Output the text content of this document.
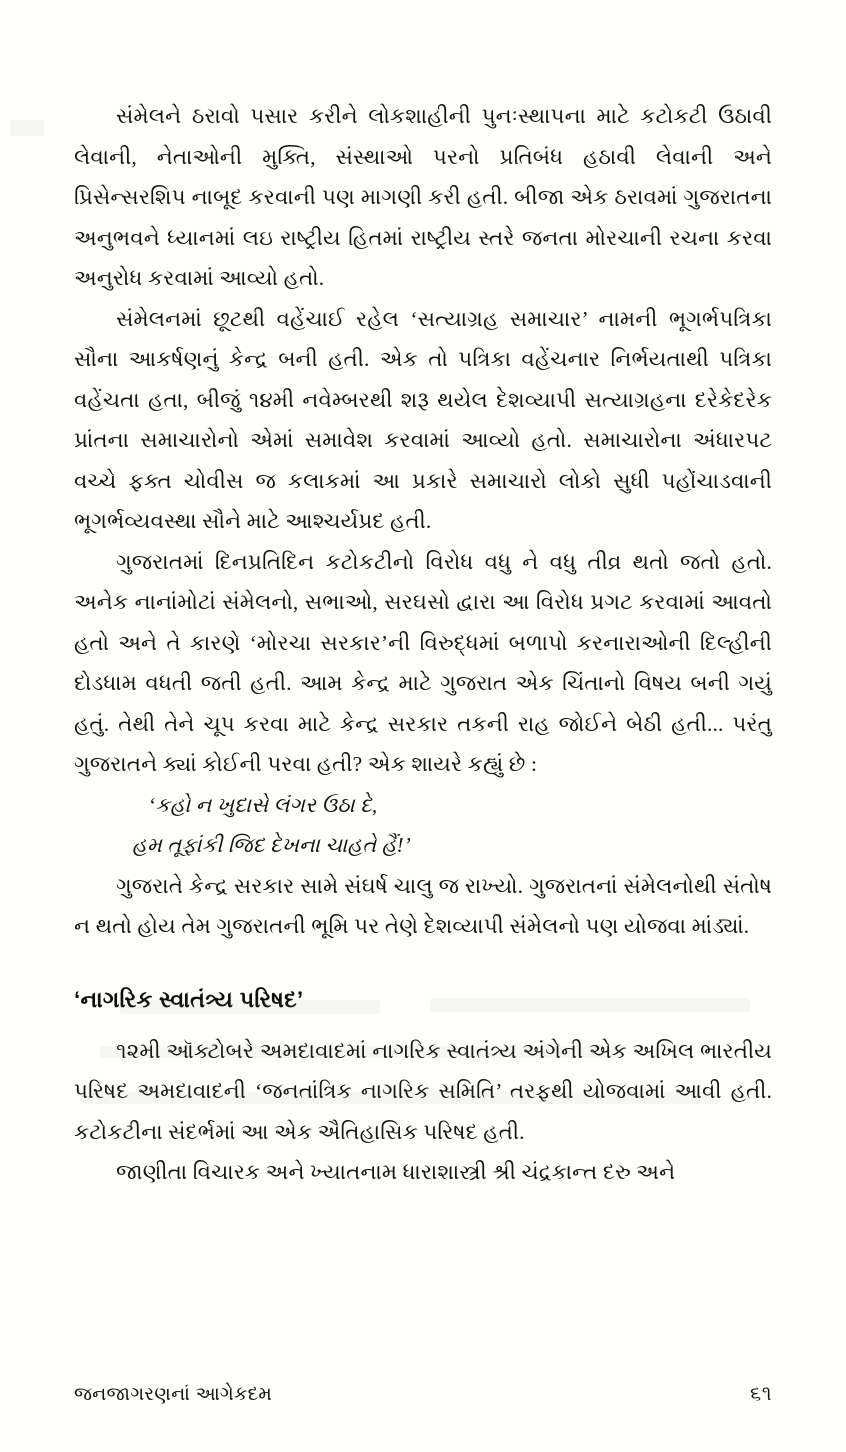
સંમેલને ઠરાવો પસાર કરીને લોકશાહીની પુનઃસ્થાપના માટે કટોકટી ઉઠાવી લેવાની, નેતાઓની મુક્તિ, સંસ્થાઓ પરનો પ્રતિબંધ હઠાવી લેવાની અને પ્રિસેન્સરશિપ નાબૂદ કરવાની પણ માગણી કરી હતી. બીજા એક ઠરાવમાં ગુજરાતના અનુભવને ધ્યાનમાં લઇ રાષ્ટ્રીય હિતમાં રાષ્ટ્રીય સ્તરે જનતા મોરચાની રચના કરવા અનુરોધ કરવામાં આવ્યો હતો.

સંમેલનમાં છૂટથી વહેંચાઈ રહેલ ‘સત્યાગ્રહ સમાચાર’ નામની ભૂગર્ભપત્રિકા સૌના આકર્ષણનું કેન્દ્ર બની હતી. એક તો પત્રિકા વહેંચનાર નિર્ભયતાથી પત્રિકા વહેંચતા હતા, બીજું ૧૪મી નવેમ્બરથી શરૂ થયેલ દેશવ્યાપી સત્યાગ્રહના દરેકેદરેક પ્રાંતના સમાચારોનો એમાં સમાવેશ કરવામાં આવ્યો હતો. સમાચારોના અંધારપટ વચ્ચે ફક્ત ચોવીસ જ કલાકમાં આ પ્રકારે સમાચારો લોકો સુધી પહોંચાડવાની ભૂગર્ભવ્યવસ્થા સૌને માટે આશ્ચર્યપ્રદ હતી.

ગુજરાતમાં દિનપ્રતિદિન કટોકટીનો વિરોધ વધુ ને વધુ તીવ્ર થતો જતો હતો. અનેક નાનાંમોટાં સંમેલનો, સભાઓ, સરઘસો દ્વારા આ વિરોધ પ્રગટ કરવામાં આવતો હતો અને તે કારણે ‘મોરચા સરકાર’ની વિરુદ્ધમાં બળાપો કરનારાઓની દિલ્હીની દોડધામ વધતી જતી હતી. આમ કેન્દ્ર માટે ગુજરાત એક ચિંતાનો વિષય બની ગયું હતું. તેથી તેને ચૂપ કરવા માટે કેન્દ્ર સરકાર તકની રાહ જોઈને બેઠી હતી... પરંતુ ગુજરાતને ક્યાં કોઈની પરવા હતી? એક શાયરે કહ્યું છે :

‘કહો ન ખુદાસે લંગર ઉઠા દે,

હમ તૂફાંકી જિદ દેખના ચાહતે હૈં!’

ગુજરાતે કેન્દ્ર સરકાર સામે સંઘર્ષ ચાલુ જ રાખ્યો. ગુજરાતનાં સંમેલનોથી સંતોષ ન થતો હોય તેમ ગુજરાતની ભૂમિ પર તેણે દેશવ્યાપી સંમેલનો પણ યોજવા માંડ્યાં.

‘નાગરિક સ્વાતંત્ર્ય પરિષદ’

૧૨મી ઑક્ટોબરે અમદાવાદમાં નાગરિક સ્વાતંત્ર્ય અંગેની એક અખિલ ભારતીય પરિષદ અમદાવાદની ‘જનતાંત્રિક નાગરિક સમિતિ’ તરફથી યોજવામાં આવી હતી. કટોકટીના સંદર્ભમાં આ એક ઐતિહાસિક પરિષદ હતી.

જાણીતા વિચારક અને ખ્યાતનામ ધારાશાસ્ત્રી શ્રી ચંદ્રકાન્ત દરુ અને

જનજાગરણનાં આગેકદમ	૬૧
